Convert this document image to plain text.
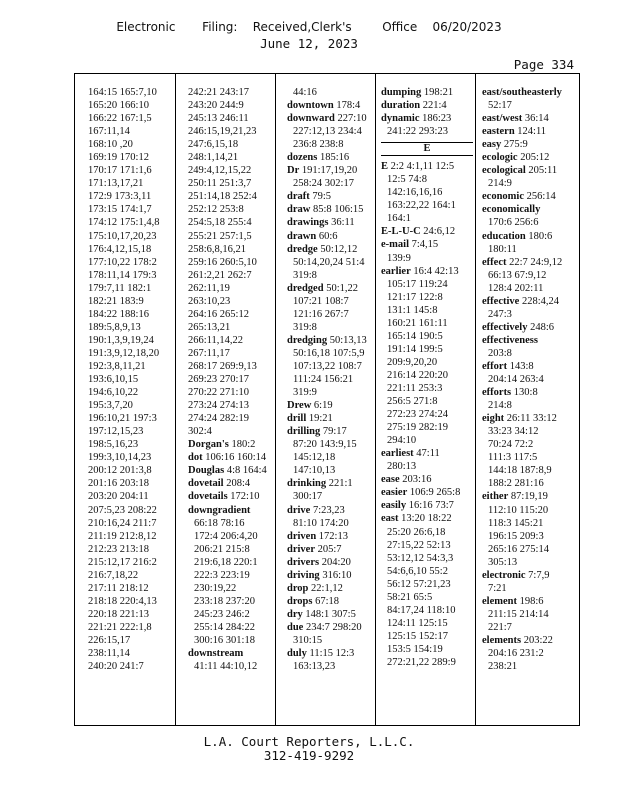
Electronic Filing: Received,Clerk's	Office 06/20/2023
June 12, 2023
Page 334
164:15 165:7,10
165:20 166:10
166:22 167:1,5
167:11,14
168:10 ,20
169:19 170:12
170:17 171:1,6
171:13,17,21
172:9 173:3,11
173:15 174:1,7
174:12 175:1,4,8
175:10,17,20,23
176:4,12,15,18
177:10,22 178:2
178:11,14 179:3
179:7,11 182:1
182:21 183:9
184:22 188:16
189:5,8,9,13
190:1,3,9,19,24
191:3,9,12,18,20
192:3,8,11,21
193:6,10,15
194:6,10,22
195:3,7,20
196:10,21 197:3
197:12,15,23
198:5,16,23
199:3,10,14,23
200:12 201:3,8
201:16 203:18
203:20 204:11
207:5,23 208:22
210:16,24 211:7
211:19 212:8,12
212:23 213:18
215:12,17 216:2
216:7,18,22
217:11 218:12
218:18 220:4,13
220:18 221:13
221:21 222:1,8
226:15,17
238:11,14
240:20 241:7
242:21 243:17
243:20 244:9
245:13 246:11
246:15,19,21,23
247:6,15,18
248:1,14,21
249:4,12,15,22
250:11 251:3,7
251:14,18 252:4
252:12 253:8
254:5,18 255:4
255:21 257:1,5
258:6,8,16,21
259:16 260:5,10
261:2,21 262:7
262:11,19
263:10,23
264:16 265:12
265:13,21
266:11,14,22
267:11,17
268:17 269:9,13
269:23 270:17
270:22 271:10
273:24 274:13
274:24 282:19
302:4
Dorgan's 180:2
dot 106:16 160:14
Douglas 4:8 164:4
dovetail 208:4
dovetails 172:10
downgradient
66:18 78:16
172:4 206:4,20
206:21 215:8
219:6,18 220:1
222:3 223:19
230:19,22
233:18 237:20
245:23 246:2
255:14 284:22
300:16 301:18
downstream
41:11 44:10,12
44:16
downtown 178:4
downward 227:10
227:12,13 234:4
236:8 238:8
dozens 185:16
Dr 191:17,19,20
258:24 302:17
draft 79:5
draw 85:8 106:15
drawings 36:11
drawn 60:6
dredge 50:12,12
50:14,20,24 51:4
319:8
dredged 50:1,22
107:21 108:7
121:16 267:7
319:8
dredging 50:13,13
50:16,18 107:5,9
107:13,22 108:7
111:24 156:21
319:9
Drew 6:19
drill 19:21
drilling 79:17
87:20 143:9,15
145:12,18
147:10,13
drinking 221:1
300:17
drive 7:23,23
81:10 174:20
driven 172:13
driver 205:7
drivers 204:20
driving 316:10
drop 22:1,12
drops 67:18
dry 148:1 307:5
due 234:7 298:20
310:15
duly 11:15 12:3
163:13,23
dumping 198:21
duration 221:4
dynamic 186:23
241:22 293:23
E
E 2:2 4:1,11 12:5
12:5 74:8
142:16,16,16
163:22,22 164:1
164:1
E-L-U-C 24:6,12
e-mail 7:4,15
139:9
earlier 16:4 42:13
105:17 119:24
121:17 122:8
131:1 145:8
160:21 161:11
165:14 190:5
191:14 199:5
209:9,20,20
216:14 220:20
221:11 253:3
256:5 271:8
272:23 274:24
275:19 282:19
294:10
earliest 47:11
280:13
ease 203:16
easier 106:9 265:8
easily 16:16 73:7
east 13:20 18:22
25:20 26:6,18
27:15,22 52:13
53:12,12 54:3,3
54:6,6,10 55:2
56:12 57:21,23
58:21 65:5
84:17,24 118:10
124:11 125:15
125:15 152:17
153:5 154:19
272:21,22 289:9
east/southeasterly
52:17
east/west 36:14
eastern 124:11
easy 275:9
ecologic 205:12
ecological 205:11
214:9
economic 256:14
economically
170:6 256:6
education 180:6
180:11
effect 22:7 24:9,12
66:13 67:9,12
128:4 202:11
effective 228:4,24
247:3
effectively 248:6
effectiveness
203:8
effort 143:8
204:14 263:4
efforts 130:8
214:8
eight 26:11 33:12
33:23 34:12
70:24 72:2
111:3 117:5
144:18 187:8,9
188:2 281:16
either 87:19,19
112:10 115:20
118:3 145:21
196:15 209:3
265:16 275:14
305:13
electronic 7:7,9
7:21
element 198:6
211:15 214:14
221:7
elements 203:22
204:16 231:2
238:21
L.A. Court Reporters, L.L.C.
312-419-9292
